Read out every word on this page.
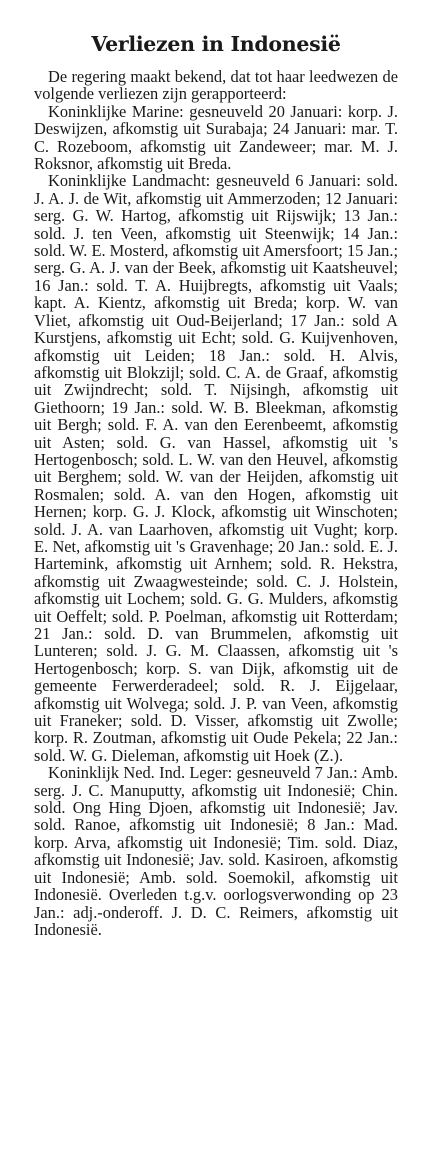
Verliezen in Indonesië

De regering maakt bekend, dat tot haar leedwezen de volgende verliezen zijn gerapporteerd:

Koninklijke Marine: gesneuveld 20 Januari: korp. J. Deswijzen, afkomstig uit Surabaja; 24 Januari: mar. T. C. Rozeboom, afkomstig uit Zandeweer; mar. M. J. Roksnor, afkomstig uit Breda.

Koninklijke Landmacht: gesneuveld 6 Januari: sold. J. A. J. de Wit, afkomstig uit Ammerzoden; 12 Januari: serg. G. W. Hartog, afkomstig uit Rijswijk; 13 Jan.: sold. J. ten Veen, afkomstig uit Steenwijk; 14 Jan.: sold. W. E. Mosterd, afkomstig uit Amersfoort; 15 Jan.; serg. G. A. J. van der Beek, afkomstig uit Kaatsheuvel; 16 Jan.: sold. T. A. Huijbregts, afkomstig uit Vaals; kapt. A. Kientz, afkomstig uit Breda; korp. W. van Vliet, afkomstig uit Oud-Beijerland; 17 Jan.: sold A Kurstjens, afkomstig uit Echt; sold. G. Kuijvenhoven, afkomstig uit Leiden; 18 Jan.: sold. H. Alvis, afkomstig uit Blokzijl; sold. C. A. de Graaf, afkomstig uit Zwijndrecht; sold. T. Nijsingh, afkomstig uit Giethoorn; 19 Jan.: sold. W. B. Bleekman, afkomstig uit Bergh; sold. F. A. van den Eerenbeemt, afkomstig uit Asten; sold. G. van Hassel, afkomstig uit 's Hertogenbosch; sold. L. W. van den Heuvel, afkomstig uit Berghem; sold. W. van der Heijden, afkomstig uit Rosmalen; sold. A. van den Hogen, afkomstig uit Hernen; korp. G. J. Klock, afkomstig uit Winschoten; sold. J. A. van Laarhoven, afkomstig uit Vught; korp. E. Net, afkomstig uit 's Gravenhage; 20 Jan.: sold. E. J. Hartemink, afkomstig uit Arnhem; sold. R. Hekstra, afkomstig uit Zwaagwesteinde; sold. C. J. Holstein, afkomstig uit Lochem; sold. G. G. Mulders, afkomstig uit Oeffelt; sold. P. Poelman, afkomstig uit Rotterdam; 21 Jan.: sold. D. van Brummelen, afkomstig uit Lunteren; sold. J. G. M. Claassen, afkomstig uit 's Hertogenbosch; korp. S. van Dijk, afkomstig uit de gemeente Ferwerderadeel; sold. R. J. Eijgelaar, afkomstig uit Wolvega; sold. J. P. van Veen, afkomstig uit Franeker; sold. D. Visser, afkomstig uit Zwolle; korp. R. Zoutman, afkomstig uit Oude Pekela; 22 Jan.: sold. W. G. Dieleman, afkomstig uit Hoek (Z.).

Koninklijk Ned. Ind. Leger: gesneuveld 7 Jan.: Amb. serg. J. C. Manuputty, afkomstig uit Indonesië; Chin. sold. Ong Hing Djoen, afkomstig uit Indonesië; Jav. sold. Ranoe, afkomstig uit Indonesië; 8 Jan.: Mad. korp. Arva, afkomstig uit Indonesië; Tim. sold. Diaz, afkomstig uit Indonesië; Jav. sold. Kasiroen, afkomstig uit Indonesië; Amb. sold. Soemokil, afkomstig uit Indonesië. Overleden t.g.v. oorlogsverwonding op 23 Jan.: adj.-onderoff. J. D. C. Reimers, afkomstig uit Indonesië.
